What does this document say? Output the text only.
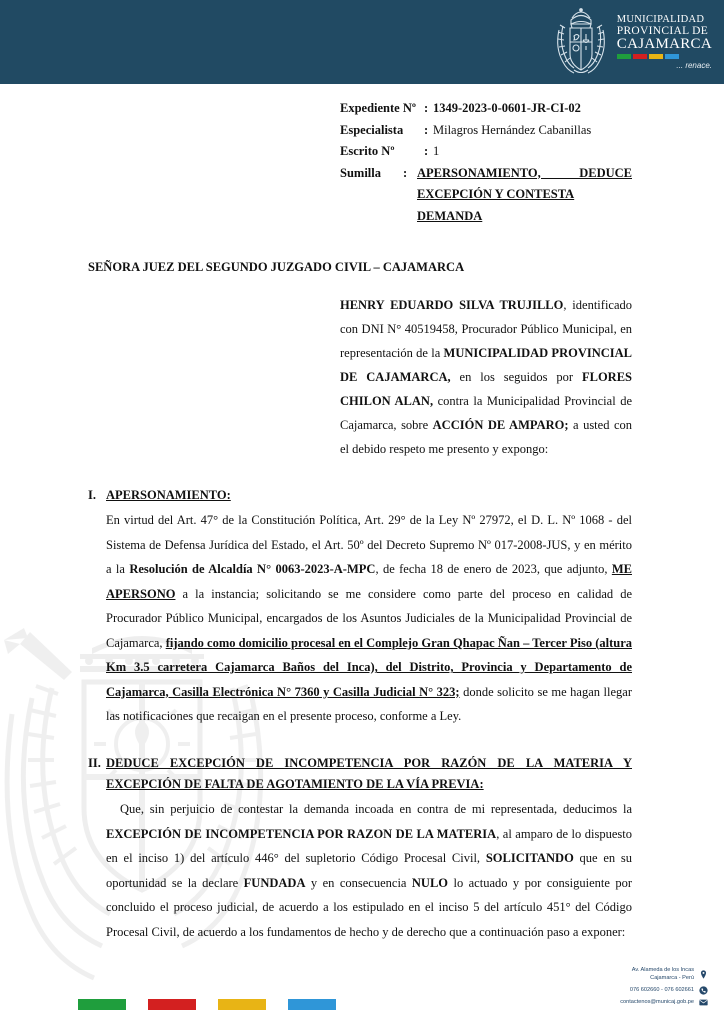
MUNICIPALIDAD
PROVINCIAL DE
CAJAMARCA
... renace.
Expediente Nº : 1349-2023-0-0601-JR-CI-02
Especialista	: Milagros Hernández Cabanillas
Escrito Nº	: 1
Sumilla	: APERSONAMIENTO, DEDUCE
EXCEPCIÓN Y CONTESTA DEMANDA
SEÑORA JUEZ DEL SEGUNDO JUZGADO CIVIL – CAJAMARCA
HENRY EDUARDO SILVA TRUJILLO, identificado con DNI N° 40519458, Procurador Público Municipal, en representación de la MUNICIPALIDAD PROVINCIAL DE CAJAMARCA, en los seguidos por FLORES CHILON ALAN, contra la Municipalidad Provincial de Cajamarca, sobre ACCIÓN DE AMPARO; a usted con el debido respeto me presento y expongo:
I. APERSONAMIENTO:
En virtud del Art. 47° de la Constitución Política, Art. 29° de la Ley Nº 27972, el D. L. Nº 1068 - del Sistema de Defensa Jurídica del Estado, el Art. 50º del Decreto Supremo Nº 017-2008-JUS, y en mérito a la Resolución de Alcaldía N° 0063-2023-A-MPC, de fecha 18 de enero de 2023, que adjunto, ME APERSONO a la instancia; solicitando se me considere como parte del proceso en calidad de Procurador Público Municipal, encargados de los Asuntos Judiciales de la Municipalidad Provincial de Cajamarca, fijando como domicilio procesal en el Complejo Gran Qhapac Ñan – Tercer Piso (altura Km 3.5 carretera Cajamarca Baños del Inca), del Distrito, Provincia y Departamento de Cajamarca, Casilla Electrónica N° 7360 y Casilla Judicial N° 323; donde solicito se me hagan llegar las notificaciones que recaigan en el presente proceso, conforme a Ley.
II. DEDUCE EXCEPCIÓN DE INCOMPETENCIA POR RAZÓN DE LA MATERIA Y
EXCEPCIÓN DE FALTA DE AGOTAMIENTO DE LA VÍA PREVIA:
Que, sin perjuicio de contestar la demanda incoada en contra de mi representada, deducimos la EXCEPCIÓN DE INCOMPETENCIA POR RAZON DE LA MATERIA, al amparo de lo dispuesto en el inciso 1) del artículo 446° del supletorio Código Procesal Civil, SOLICITANDO que en su oportunidad se la declare FUNDADA y en consecuencia NULO lo actuado y por consiguiente por concluido el proceso judicial, de acuerdo a los estipulado en el inciso 5 del artículo 451° del Código Procesal Civil, de acuerdo a los fundamentos de hecho y de derecho que a continuación paso a exponer:
Av. Alameda de los Incas
Cajamarca - Perú
076 602660 - 076 602661
contactenos@municaj.gob.pe
